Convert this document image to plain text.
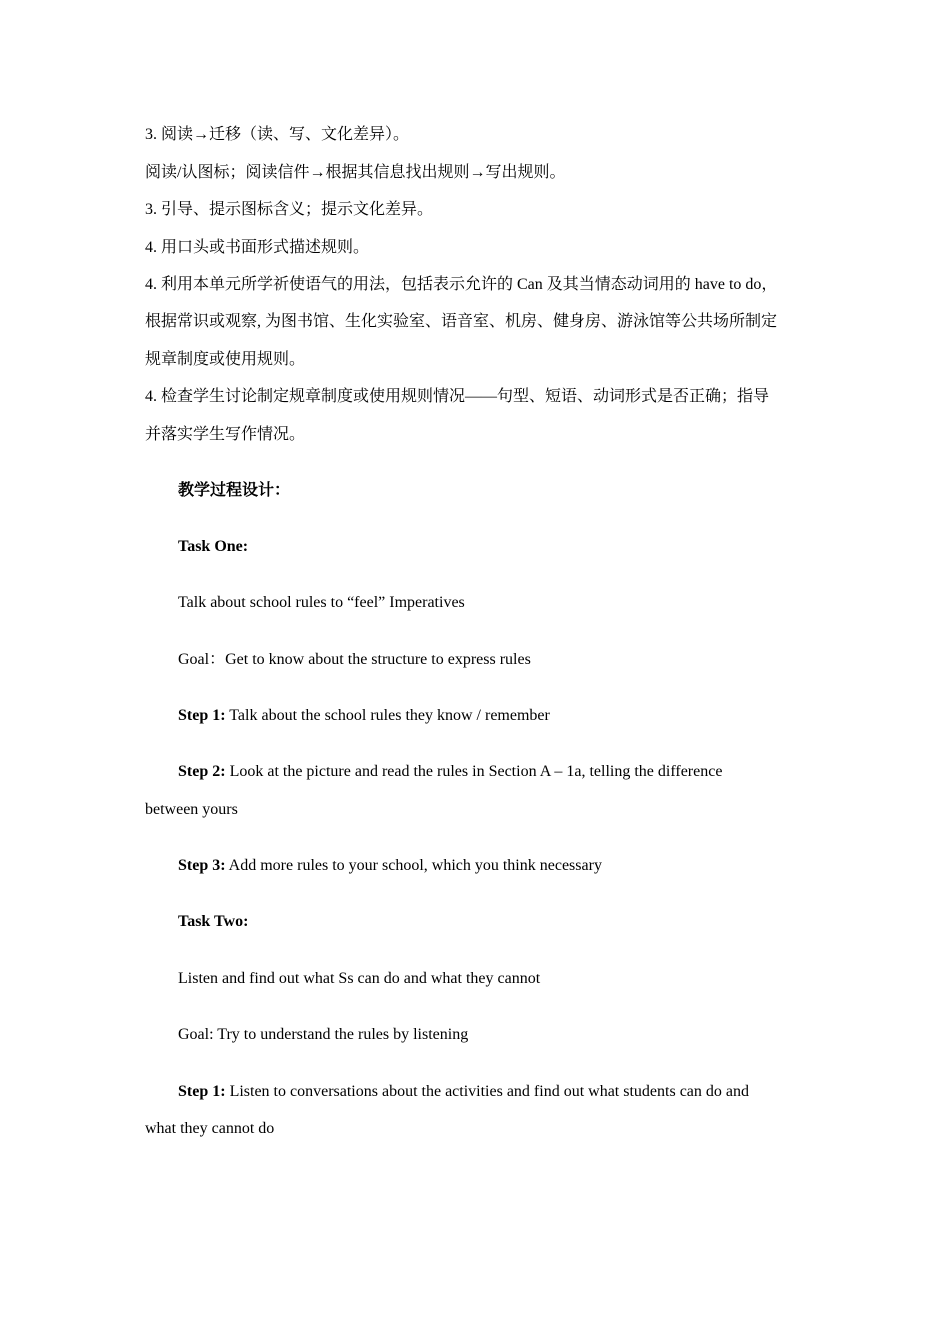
3. 阅读→迁移（读、写、文化差异）。
阅读/认图标；阅读信件→根据其信息找出规则→写出规则。
3. 引导、提示图标含义；提示文化差异。
4. 用口头或书面形式描述规则。
4. 利用本单元所学祈使语气的用法，包括表示允许的 Can 及其当情态动词用的 have to do，
根据常识或观察, 为图书馆、生化实验室、语音室、机房、健身房、游泳馆等公共场所制定
规章制度或使用规则。
4. 检查学生讨论制定规章制度或使用规则情况——句型、短语、动词形式是否正确；指导
并落实学生写作情况。
教学过程设计：
Task One:
Talk about school rules to “feel” Imperatives
Goal：Get to know about the structure to express rules
Step 1: Talk about the school rules they know / remember
Step 2: Look at the picture and read the rules in Section A – 1a, telling the difference
between yours
Step 3: Add more rules to your school, which you think necessary
Task Two:
Listen and find out what Ss can do and what they cannot
Goal: Try to understand the rules by listening
Step 1: Listen to conversations about the activities and find out what students can do and
what they cannot do
